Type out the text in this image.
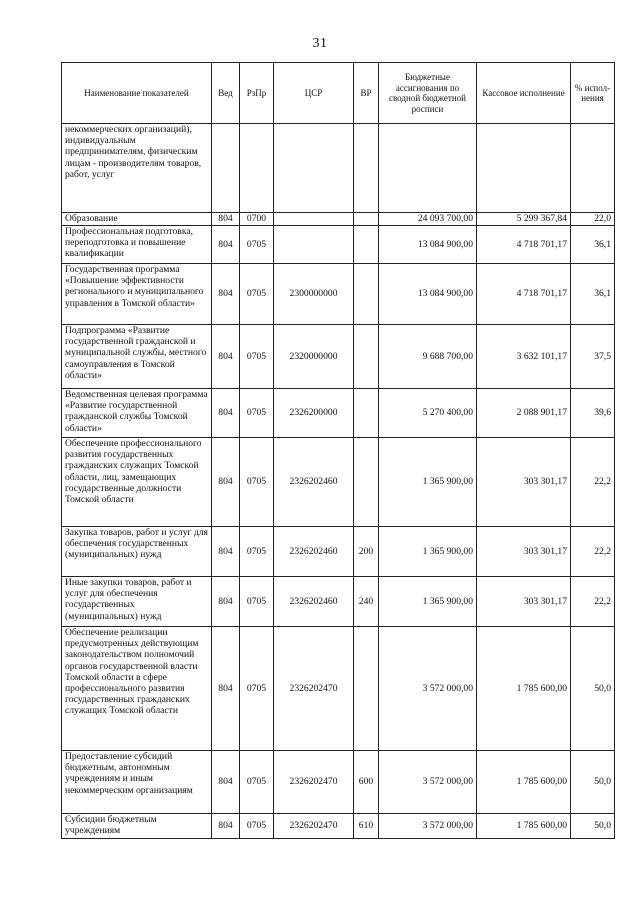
31
Наименование показателей	Вед	РзПр	ЦСР	ВР	Бюджетные ассигнования по сводной бюджетной росписи	Кассовое исполнение	% испол-нения
некоммерческих организаций), индивидуальным предпринимателям, физическим лицам - производителям товаров, работ, услуг							
Образование	804	0700			24 093 700,00	5 299 367,84	22,0
Профессиональная подготовка, переподготовка и повышение квалификации	804	0705			13 084 900,00	4 718 701,17	36,1
Государственная программа «Повышение эффективности регионального и муниципального управления в Томской области»	804	0705	2300000000		13 084 900,00	4 718 701,17	36,1
Подпрограмма «Развитие государственной гражданской и муниципальной службы, местного самоуправления в Томской области»	804	0705	2320000000		9 688 700,00	3 632 101,17	37,5
Ведомственная целевая программа «Развитие государственной гражданской службы Томской области»	804	0705	2326200000		5 270 400,00	2 088 901,17	39,6
Обеспечение профессионального развития государственных гражданских служащих Томской области, лиц, замещающих государственные должности Томской области	804	0705	2326202460		1 365 900,00	303 301,17	22,2
Закупка товаров, работ и услуг для обеспечения государственных (муниципальных) нужд	804	0705	2326202460	200	1 365 900,00	303 301,17	22,2
Иные закупки товаров, работ и услуг для обеспечения государственных (муниципальных) нужд	804	0705	2326202460	240	1 365 900,00	303 301,17	22,2
Обеспечение реализации предусмотренных действующим законодательством полномочий органов государственной власти Томской области в сфере профессионального развития государственных гражданских служащих Томской области	804	0705	2326202470		3 572 000,00	1 785 600,00	50,0
Предоставление субсидий бюджетным, автономным учреждениям и иным некоммерческим организациям	804	0705	2326202470	600	3 572 000,00	1 785 600,00	50,0
Субсидии бюджетным учреждениям	804	0705	2326202470	610	3 572 000,00	1 785 600,00	50,0
